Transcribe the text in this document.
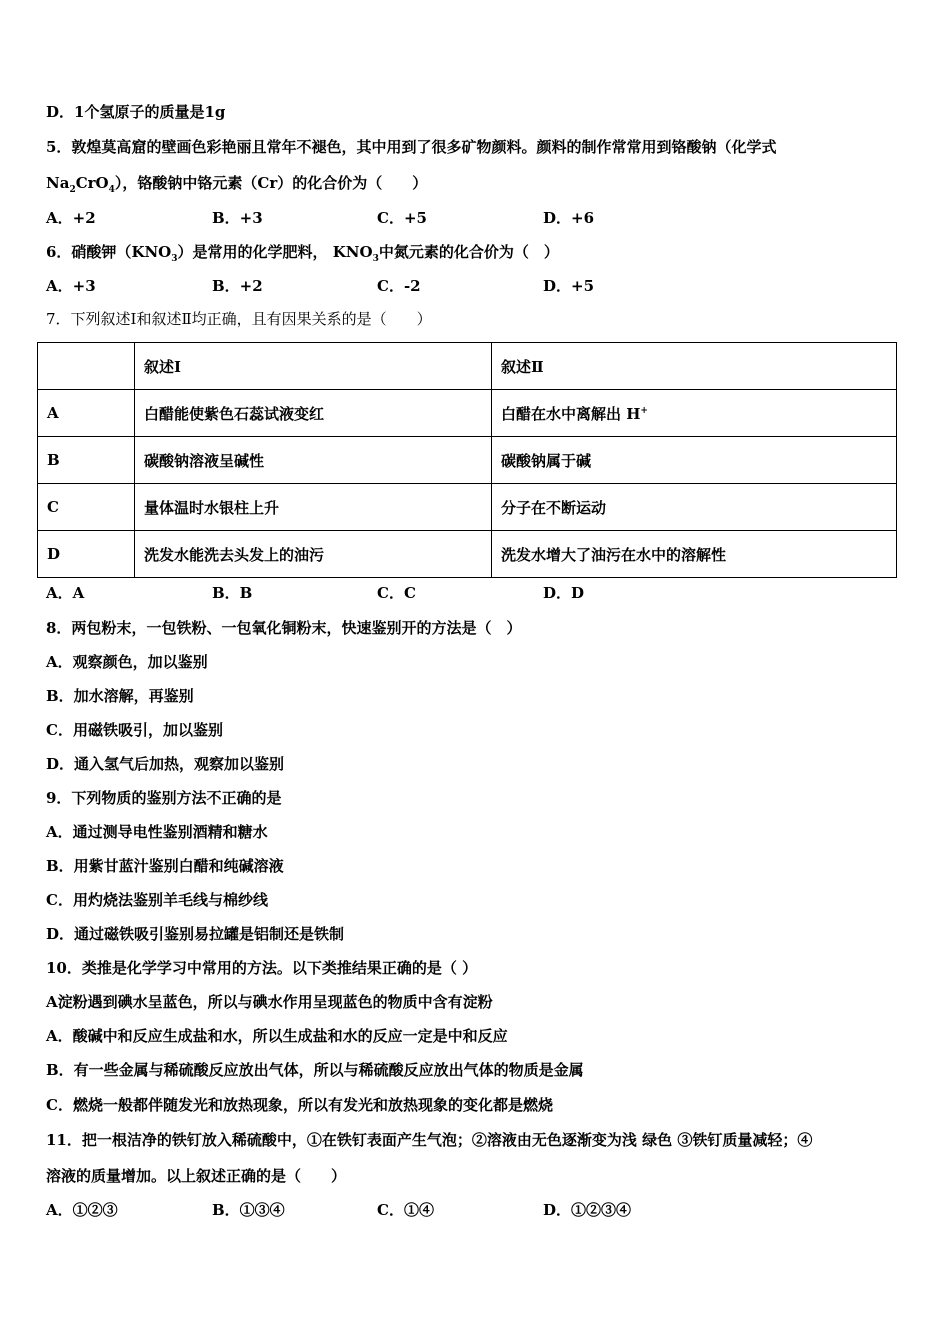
D．1个氢原子的质量是1g
5．敦煌莫高窟的壁画色彩艳丽且常年不褪色，其中用到了很多矿物颜料。颜料的制作常常用到铬酸钠（化学式
$Na_2CrO_4$），铬酸钠中铬元素（Cr）的化合价为（　　）
A．+2	B．+3	C．+5	D．+6
6．硝酸钾$(KNO_3)$是常用的化学肥料， $KNO_3$中氮元素的化合价为（　）
A．+3	B．+2	C．-2	D．+5
7．下列叙述Ⅰ和叙述Ⅱ均正确，且有因果关系的是（　　）
	叙述Ⅰ	叙述Ⅱ
A	白醋能使紫色石蕊试液变红	白醋在水中离解出 H+
B	碳酸钠溶液呈碱性	碳酸钠属于碱
C	量体温时水银柱上升	分子在不断运动
D	洗发水能洗去头发上的油污	洗发水增大了油污在水中的溶解性
A．A	B．B	C．C	D．D
8．两包粉末，一包铁粉、一包氧化铜粉末，快速鉴别开的方法是（　）
A．观察颜色，加以鉴别
B．加水溶解，再鉴别
C．用磁铁吸引，加以鉴别
D．通入氢气后加热，观察加以鉴别
9．下列物质的鉴别方法不正确的是
A．通过测导电性鉴别酒精和糖水
B．用紫甘蓝汁鉴别白醋和纯碱溶液
C．用灼烧法鉴别羊毛线与棉纱线
D．通过磁铁吸引鉴别易拉罐是铝制还是铁制
10．类推是化学学习中常用的方法。以下类推结果正确的是（ ）
A淀粉遇到碘水呈蓝色，所以与碘水作用呈现蓝色的物质中含有淀粉
A．酸碱中和反应生成盐和水，所以生成盐和水的反应一定是中和反应
B．有一些金属与稀硫酸反应放出气体，所以与稀硫酸反应放出气体的物质是金属
C．燃烧一般都伴随发光和放热现象，所以有发光和放热现象的变化都是燃烧
11．把一根洁净的铁钉放入稀硫酸中，①在铁钉表面产生气泡；②溶液由无色逐渐变为浅 绿色 ③铁钉质量减轻；④
溶液的质量增加。以上叙述正确的是（　　）
A．①②③	B．①③④	C．①④	D．①②③④
